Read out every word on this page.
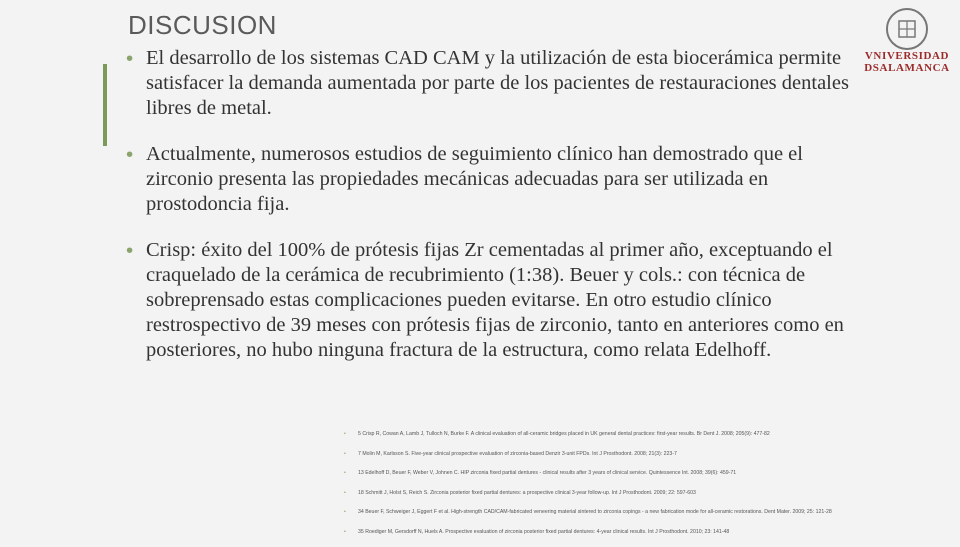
DISCUSION
• El desarrollo de los sistemas CAD CAM y la utilización de esta biocerámica permite satisfacer la demanda aumentada por parte de los pacientes de restauraciones dentales libres de metal.
• Actualmente, numerosos estudios de seguimiento clínico han demostrado que el zirconio presenta las propiedades mecánicas adecuadas para ser utilizada en prostodoncia fija.
• Crisp: éxito del 100% de prótesis fijas Zr cementadas al primer año, exceptuando el craquelado de la cerámica de recubrimiento (1:38). Beuer y cols.: con técnica de sobreprensado estas complicaciones pueden evitarse. En otro estudio clínico restrospectivo de 39 meses con prótesis fijas de zirconio, tanto en anteriores como en posteriores, no hubo ninguna fractura de la estructura, como relata Edelhoff.
VNIVERSIDAD
DSALAMANCA
• 5 Crisp R, Cowan A, Lamb J, Tulloch N, Burke F. A clinical evaluation of all-ceramic bridges placed in UK general dental practices: first-year results. Br Dent J. 2008; 205(9): 477-82
• 7 Molin M, Karlsson S. Five-year clinical prospective evaluation of zirconia-based Denzir 3-unit FPDs. Int J Prosthodont. 2008; 21(3): 223-7
• 13 Edelhoff D, Beuer F, Weber V, Johnen C. HIP zirconia fixed partial dentures - clinical results after 3 years of clinical service. Quintessence Int. 2008; 39(6): 459-71
• 18 Schmitt J, Holst S, Reich S. Zirconia posterior fixed partial dentures: a prospective clinical 3-year follow-up. Int J Prosthodont. 2009; 22: 597-603
• 34 Beuer F, Schweiger J, Eggert F et al. High-strength CAD/CAM-fabricated veneering material sintered to zirconia copings - a new fabrication mode for all-ceramic restorations. Dent Mater. 2009; 25: 121-28
• 35 Roediger M, Gersdorff N, Huels A. Prospective evaluation of zirconia posterior fixed partial dentures: 4-year clinical results. Int J Prosthodont. 2010; 23: 141-48
